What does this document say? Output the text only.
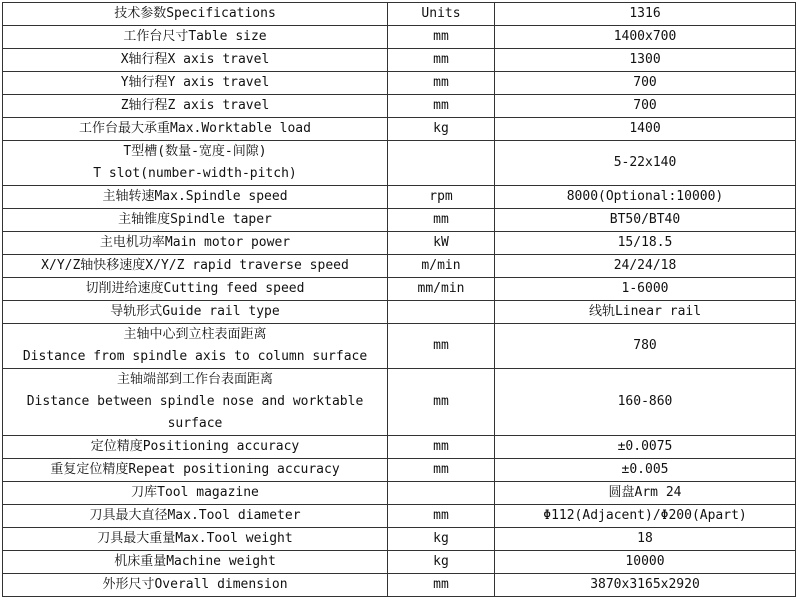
技术参数Specifications	Units	1316
工作台尺寸Table size	mm	1400x700
X轴行程X axis travel	mm	1300
Y轴行程Y axis travel	mm	700
Z轴行程Z axis travel	mm	700
工作台最大承重Max.Worktable load	kg	1400

T型槽(数量-宽度-间隙)
T slot(number-width-pitch)		5-22x140
主轴转速Max.Spindle speed	rpm	8000(Optional:10000)
主轴锥度Spindle taper	mm	BT50/BT40
主电机功率Main motor power	kW	15/18.5
X/Y/Z轴快移速度X/Y/Z rapid traverse speed	m/min	24/24/18
切削进给速度Cutting feed speed	mm/min	1-6000
导轨形式Guide rail type		线轨Linear rail

主轴中心到立柱表面距离
Distance from spindle axis to column surface	mm	780

主轴端部到工作台表面距离
Distance between spindle nose and worktable
surface	mm	160-860
定位精度Positioning accuracy	mm	±0.0075
重复定位精度Repeat positioning accuracy	mm	±0.005
刀库Tool magazine		圆盘Arm 24
刀具最大直径Max.Tool diameter	mm	Φ112(Adjacent)/Φ200(Apart)
刀具最大重量Max.Tool weight	kg	18
机床重量Machine weight	kg	10000
外形尺寸Overall dimension	mm	3870x3165x2920
